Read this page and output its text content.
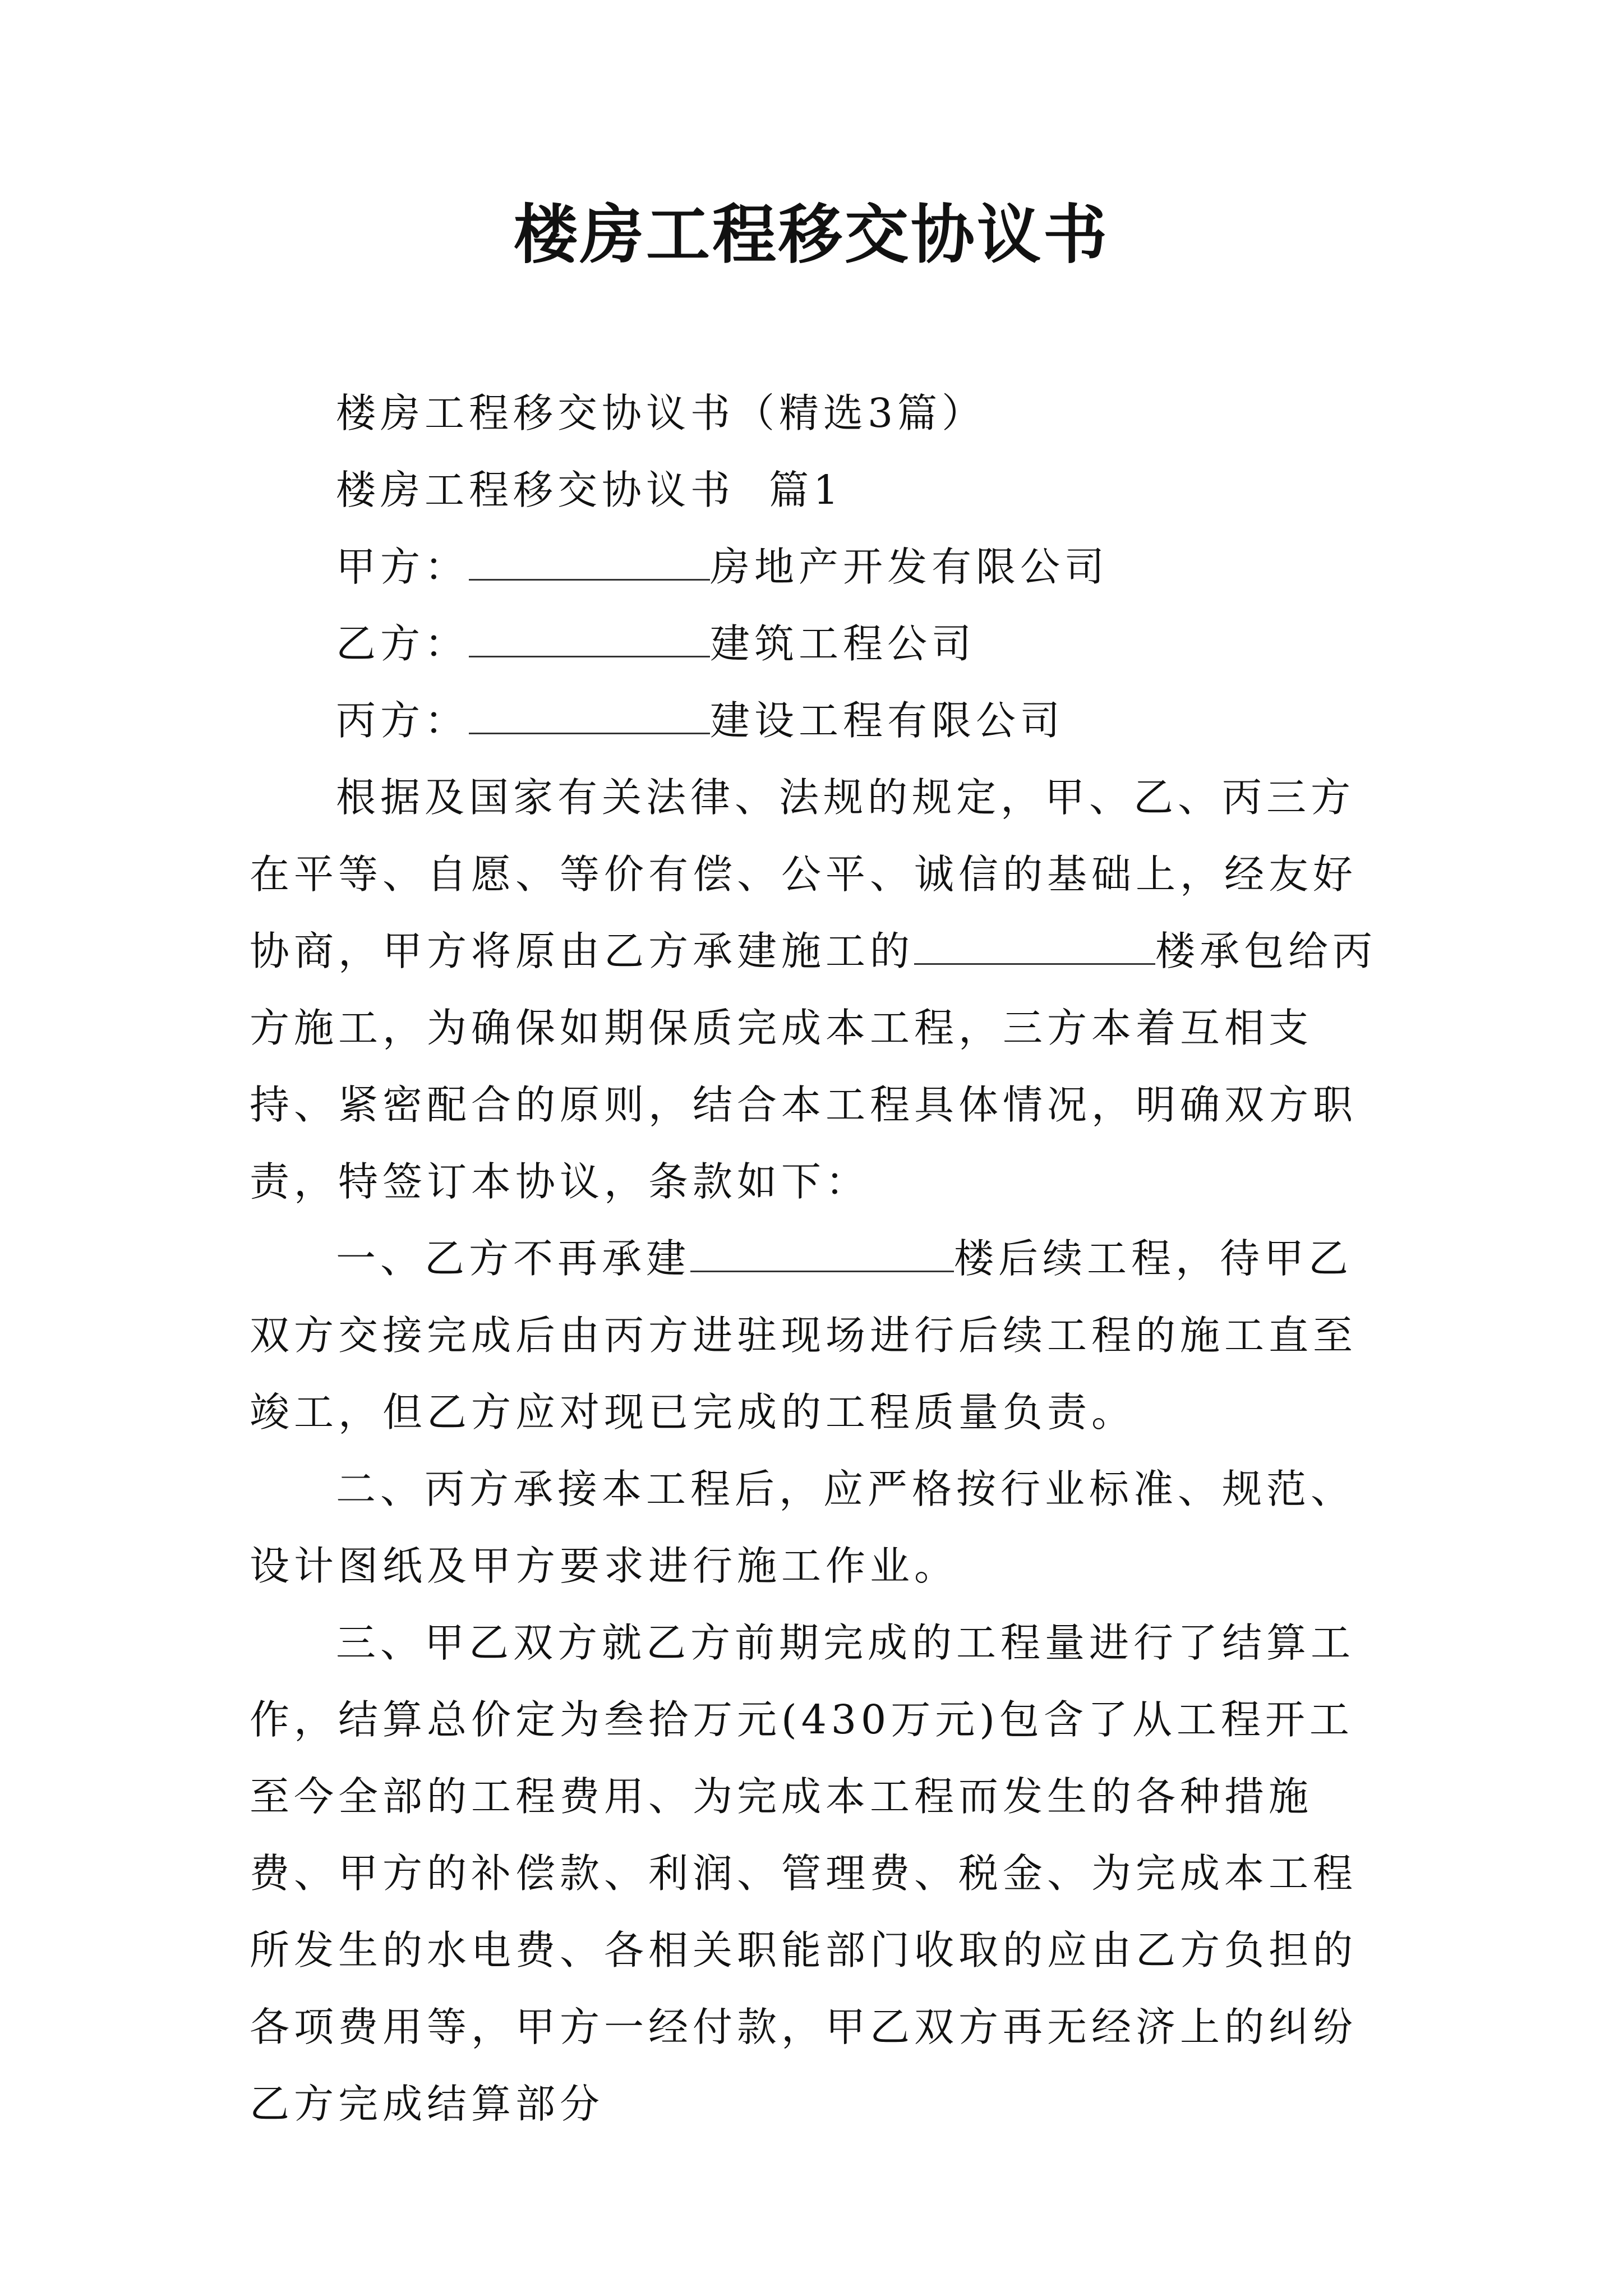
楼房工程移交协议书

楼房工程移交协议书（精选3篇）

楼房工程移交协议书  篇1

甲方：	房地产开发有限公司

乙方：	建筑工程公司

丙方：	建设工程有限公司

根据及国家有关法律、法规的规定，甲、乙、丙三方在平等、自愿、等价有偿、公平、诚信的基础上，经友好协商，甲方将原由乙方承建施工的	楼承包给丙方施工，为确保如期保质完成本工程，三方本着互相支持、紧密配合的原则，结合本工程具体情况，明确双方职责，特签订本协议，条款如下：

一、乙方不再承建	楼后续工程，待甲乙双方交接完成后由丙方进驻现场进行后续工程的施工直至竣工，但乙方应对现已完成的工程质量负责。

二、丙方承接本工程后，应严格按行业标准、规范、设计图纸及甲方要求进行施工作业。

三、甲乙双方就乙方前期完成的工程量进行了结算工作，结算总价定为叁拾万元(430万元)包含了从工程开工至今全部的工程费用、为完成本工程而发生的各种措施费、甲方的补偿款、利润、管理费、税金、为完成本工程所发生的水电费、各相关职能部门收取的应由乙方负担的各项费用等，甲方一经付款，甲乙双方再无经济上的纠纷乙方完成结算部分
